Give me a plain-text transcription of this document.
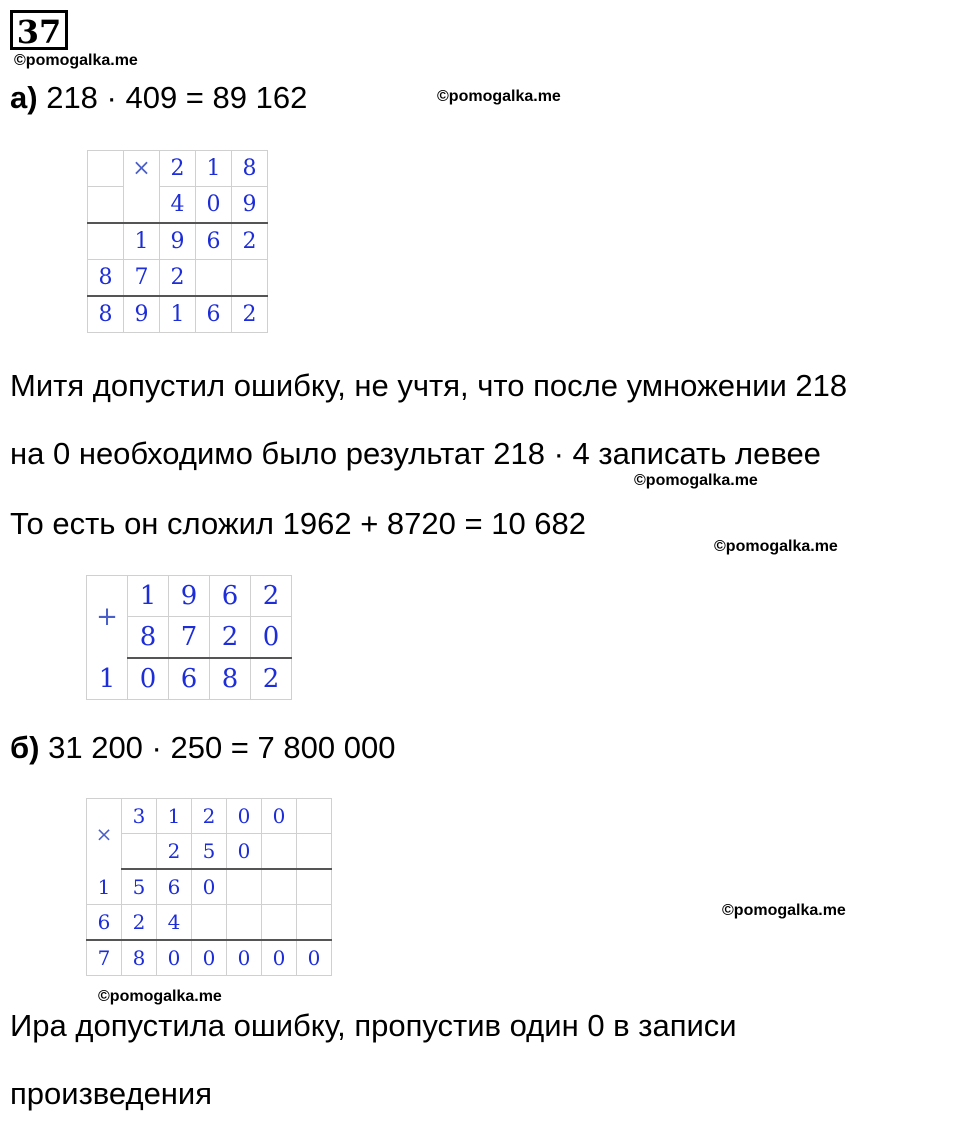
37
©pomogalka.me
а) 218 · 409 = 89 162	©pomogalka.me
	×	2	1	8
		4	0	9
	1	9	6	2
8	7	2		
8	9	1	6	2
Митя допустил ошибку, не учтя, что после умножении 218
на 0 необходимо было результат 218 · 4 записать левее
©pomogalka.me
То есть он сложил 1962 + 8720 = 10 682
©pomogalka.me
+	1	9	6	2
	8	7	2	0
1	0	6	8	2
б) 31 200 · 250 = 7 800 000
×	3	1	2	0	0	
		2	5	0		
1	5	6	0			
6	2	4				
7	8	0	0	0	0	0
©pomogalka.me
©pomogalka.me
Ира допустила ошибку, пропустив один 0 в записи
произведения
